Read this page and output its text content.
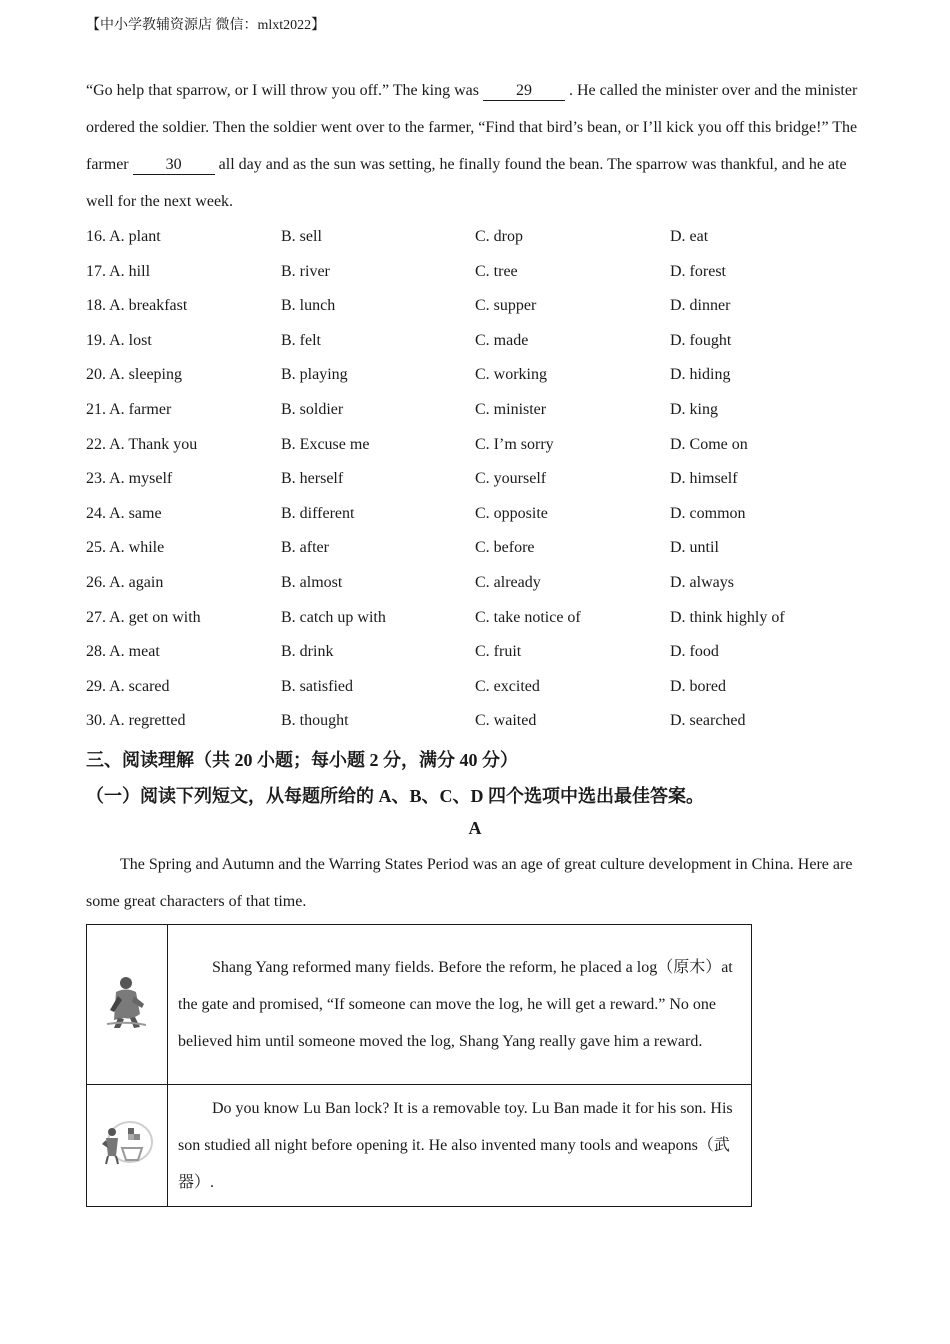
【中小学教辅资源店 微信：mlxt2022】
“Go help that sparrow, or I will throw you off.” The king was 29 . He called the minister over and the minister ordered the soldier. Then the soldier went over to the farmer, “Find that bird’s bean, or I’ll kick you off this bridge!” The farmer 30 all day and as the sun was setting, he finally found the bean. The sparrow was thankful, and he ate well for the next week.
16. A. plant	B. sell	C. drop	D. eat
17. A. hill	B. river	C. tree	D. forest
18. A. breakfast	B. lunch	C. supper	D. dinner
19. A. lost	B. felt	C. made	D. fought
20. A. sleeping	B. playing	C. working	D. hiding
21. A. farmer	B. soldier	C. minister	D. king
22. A. Thank you	B. Excuse me	C. I’m sorry	D. Come on
23. A. myself	B. herself	C. yourself	D. himself
24. A. same	B. different	C. opposite	D. common
25. A. while	B. after	C. before	D. until
26. A. again	B. almost	C. already	D. always
27. A. get on with	B. catch up with	C. take notice of	D. think highly of
28. A. meat	B. drink	C. fruit	D. food
29. A. scared	B. satisfied	C. excited	D. bored
30. A. regretted	B. thought	C. waited	D. searched
三、阅读理解（共 20 小题；每小题 2 分，满分 40 分）
（一）阅读下列短文，从每题所给的 A、B、C、D 四个选项中选出最佳答案。
A
The Spring and Autumn and the Warring States Period was an age of great culture development in China. Here are some great characters of that time.
	Shang Yang reformed many fields. Before the reform, he placed a log（原木）at the gate and promised, “If someone can move the log, he will get a reward.” No one believed him until someone moved the log, Shang Yang really gave him a reward.
	Do you know Lu Ban lock? It is a removable toy. Lu Ban made it for his son. His son studied all night before opening it. He also invented many tools and weapons（武器）.
